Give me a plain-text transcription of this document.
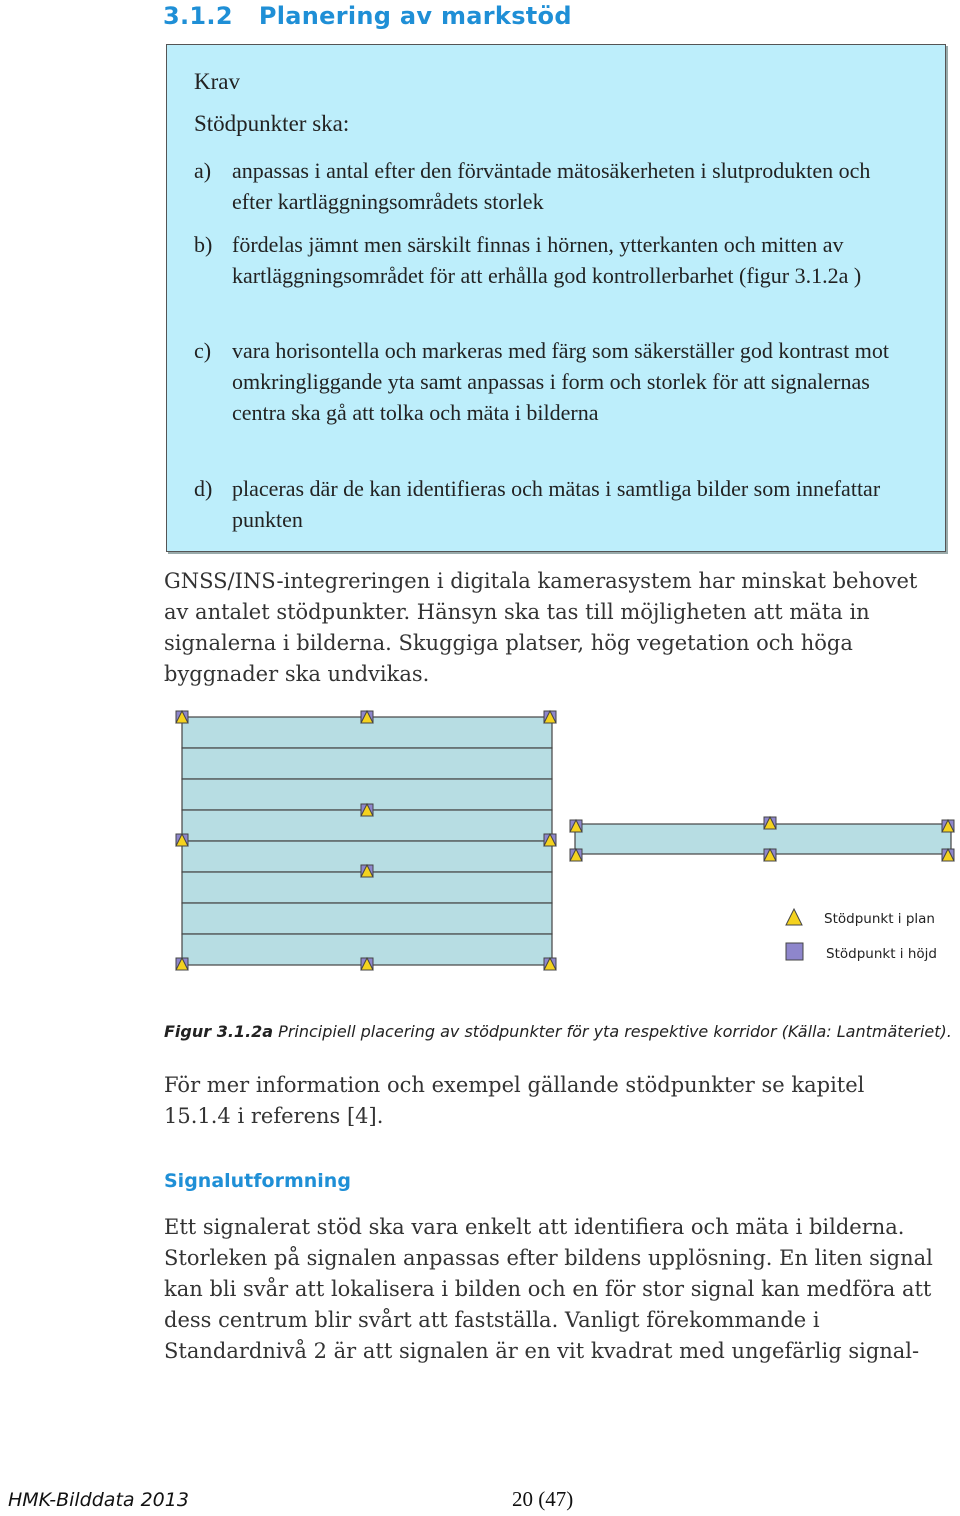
3.1.2 Planering av markstöd
Krav
Stödpunkter ska:
a) anpassas i antal efter den förväntade mätosäkerheten i slutprodukten och efter kartläggningsområdets storlek
b) fördelas jämnt men särskilt finnas i hörnen, ytterkanten och mitten av kartläggningsområdet för att erhålla god kontrollerbarhet (figur 3.1.2a )
c) vara horisontella och markeras med färg som säkerställer god kontrast mot omkringliggande yta samt anpassas i form och storlek för att signalernas centra ska gå att tolka och mäta i bilderna
d) placeras där de kan identifieras och mätas i samtliga bilder som innefattar punkten

GNSS/INS-integreringen i digitala kamerasystem har minskat behovet av antalet stödpunkter. Hänsyn ska tas till möjligheten att mäta in signalerna i bilderna. Skuggiga platser, hög vegetation och höga byggnader ska undvikas.

Stödpunkt i plan
Stödpunkt i höjd
Figur 3.1.2a Principiell placering av stödpunkter för yta respektive korridor (Källa: Lantmäteriet).

För mer information och exempel gällande stödpunkter se kapitel 15.1.4 i referens [4].

Signalutformning

Ett signalerat stöd ska vara enkelt att identifiera och mäta i bilderna. Storleken på signalen anpassas efter bildens upplösning. En liten signal kan bli svår att lokalisera i bilden och en för stor signal kan medföra att dess centrum blir svårt att fastställa. Vanligt förekommande i Standardnivå 2 är att signalen är en vit kvadrat med ungefärlig signal-

HMK-Bilddata 2013	20 (47)
